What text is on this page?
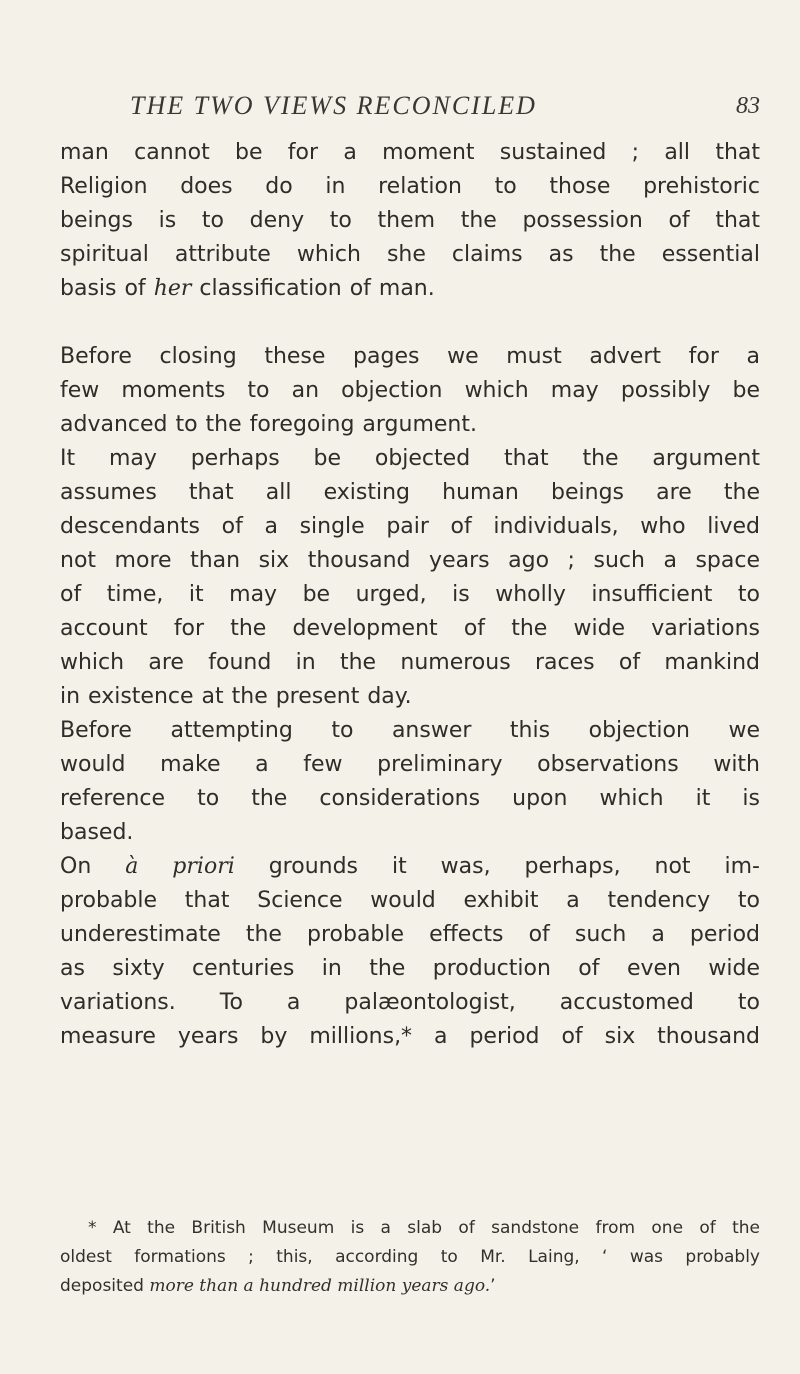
THE TWO VIEWS RECONCILED	83
man cannot be for a moment sustained ; all that
Religion does do in relation to those prehistoric
beings is to deny to them the possession of that
spiritual attribute which she claims as the essential
basis of her classification of man.
Before closing these pages we must advert for a
few moments to an objection which may possibly be
advanced to the foregoing argument.
It may perhaps be objected that the argument
assumes that all existing human beings are the
descendants of a single pair of individuals, who lived
not more than six thousand years ago ; such a space
of time, it may be urged, is wholly insufficient to
account for the development of the wide variations
which are found in the numerous races of mankind
in existence at the present day.
Before attempting to answer this objection we
would make a few preliminary observations with
reference to the considerations upon which it is
based.
On à priori grounds it was, perhaps, not im-
probable that Science would exhibit a tendency to
underestimate the probable effects of such a period
as sixty centuries in the production of even wide
variations. To a palæontologist, accustomed to
measure years by millions,* a period of six thousand
* At the British Museum is a slab of sandstone from one of the
oldest formations ; this, according to Mr. Laing, ‘ was probably
deposited more than a hundred million years ago.’
